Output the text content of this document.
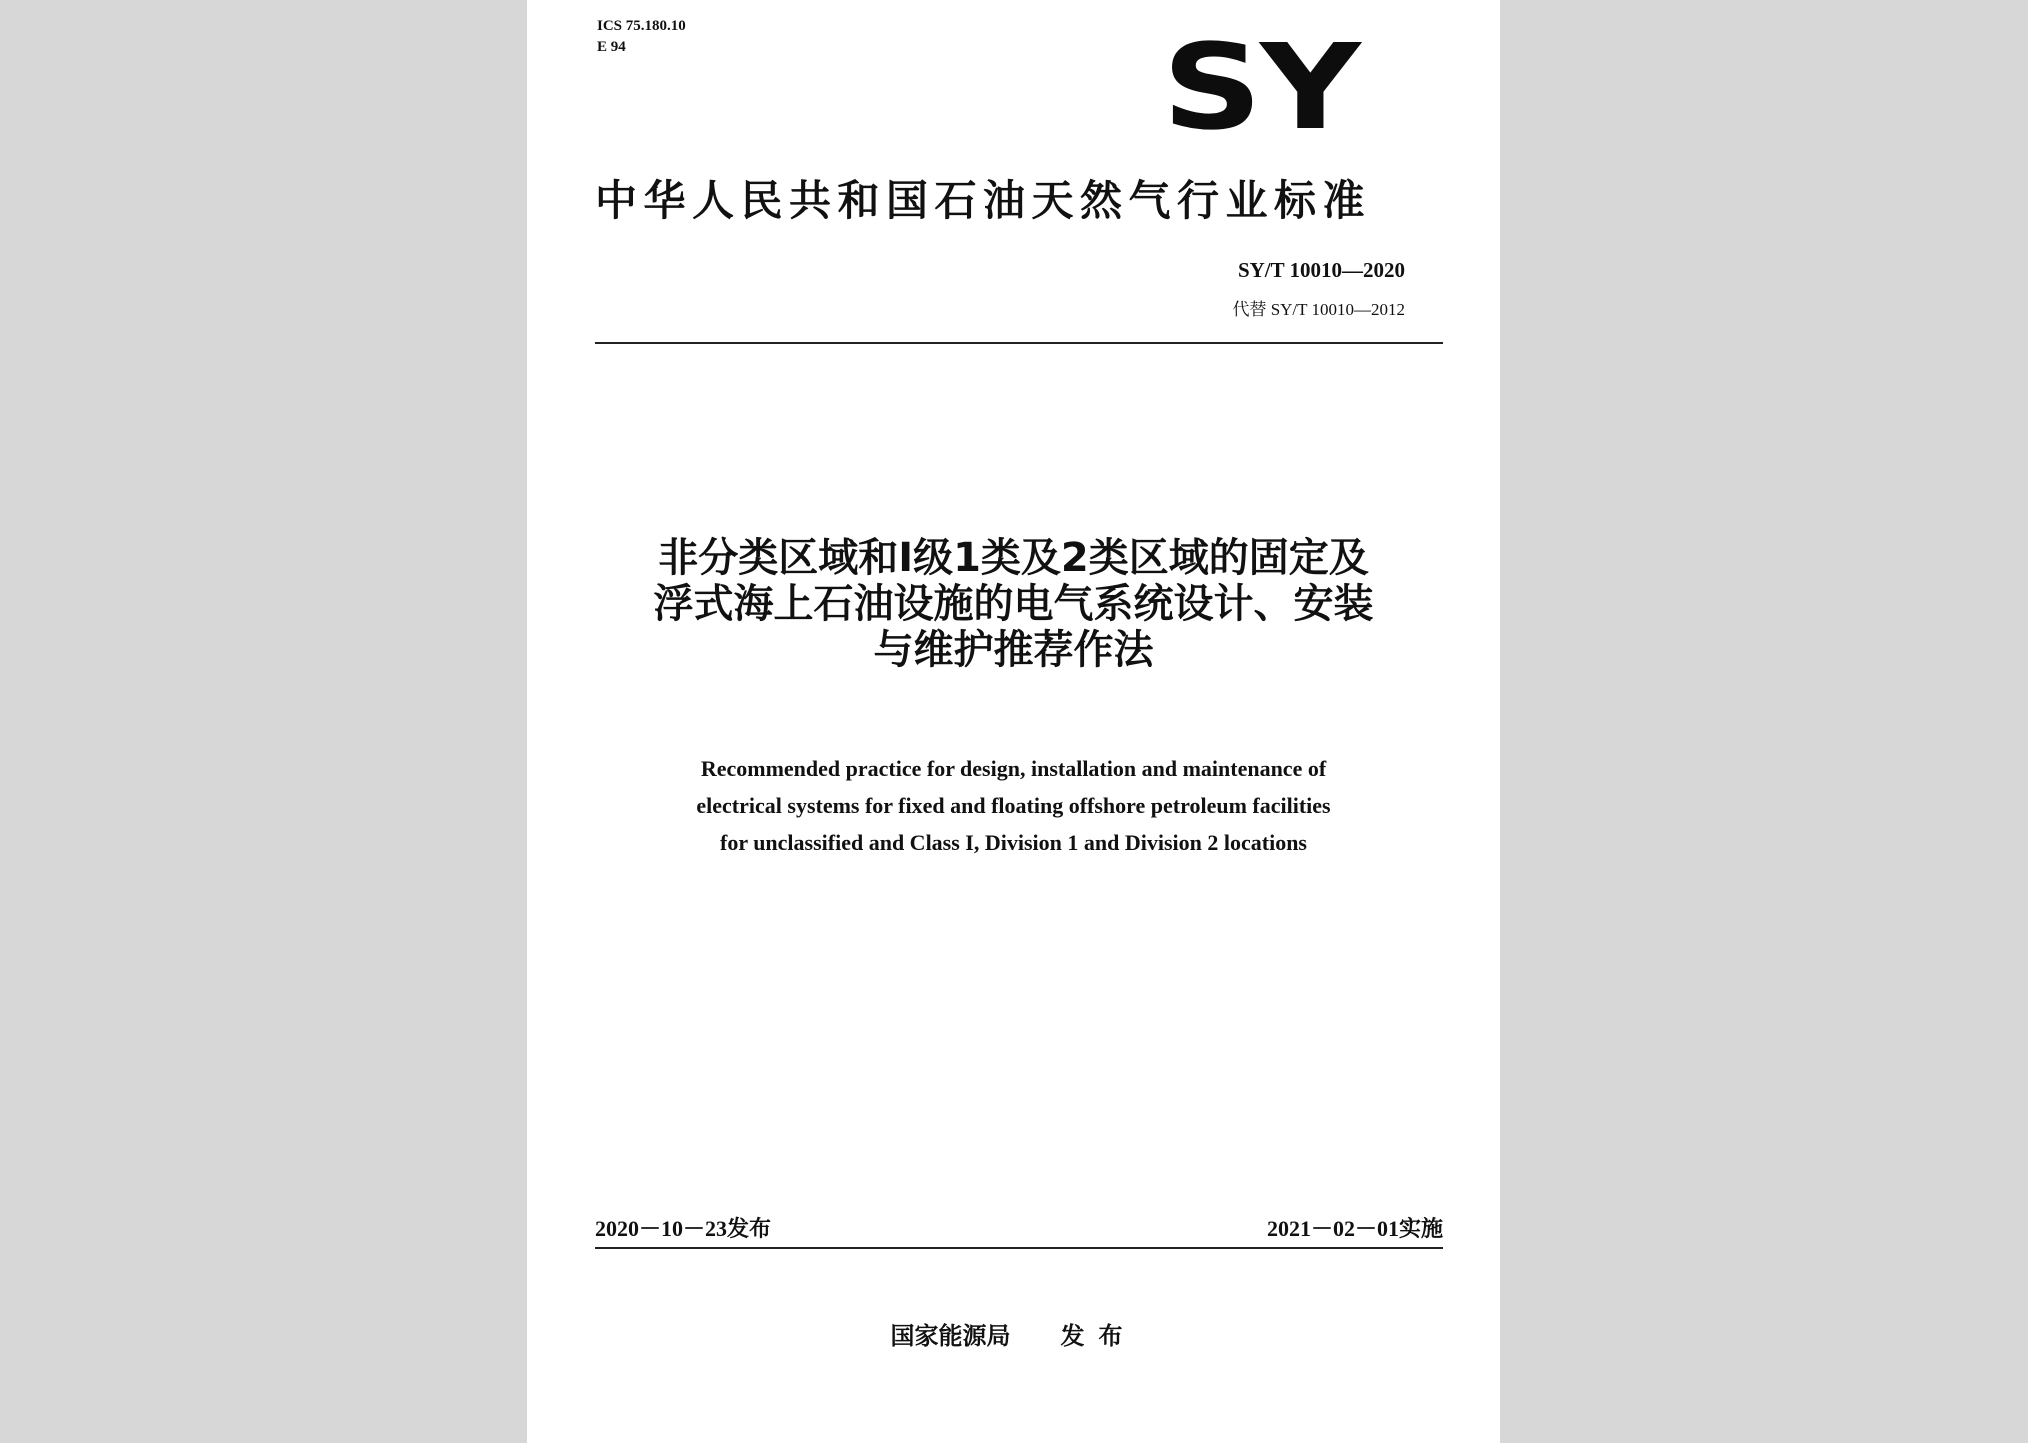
ICS 75.180.10
E 94	SY
中华人民共和国石油天然气行业标准
SY/T 10010—2020
代替 SY/T 10010—2012
非分类区域和Ⅰ级1类及2类区域的固定及
浮式海上石油设施的电气系统设计、安装
与维护推荐作法
Recommended practice for design, installation and maintenance of
electrical systems for fixed and floating offshore petroleum facilities
for unclassified and Class I, Division 1 and Division 2 locations
2020－10－23发布	2021－02－01实施
国家能源局 发布
